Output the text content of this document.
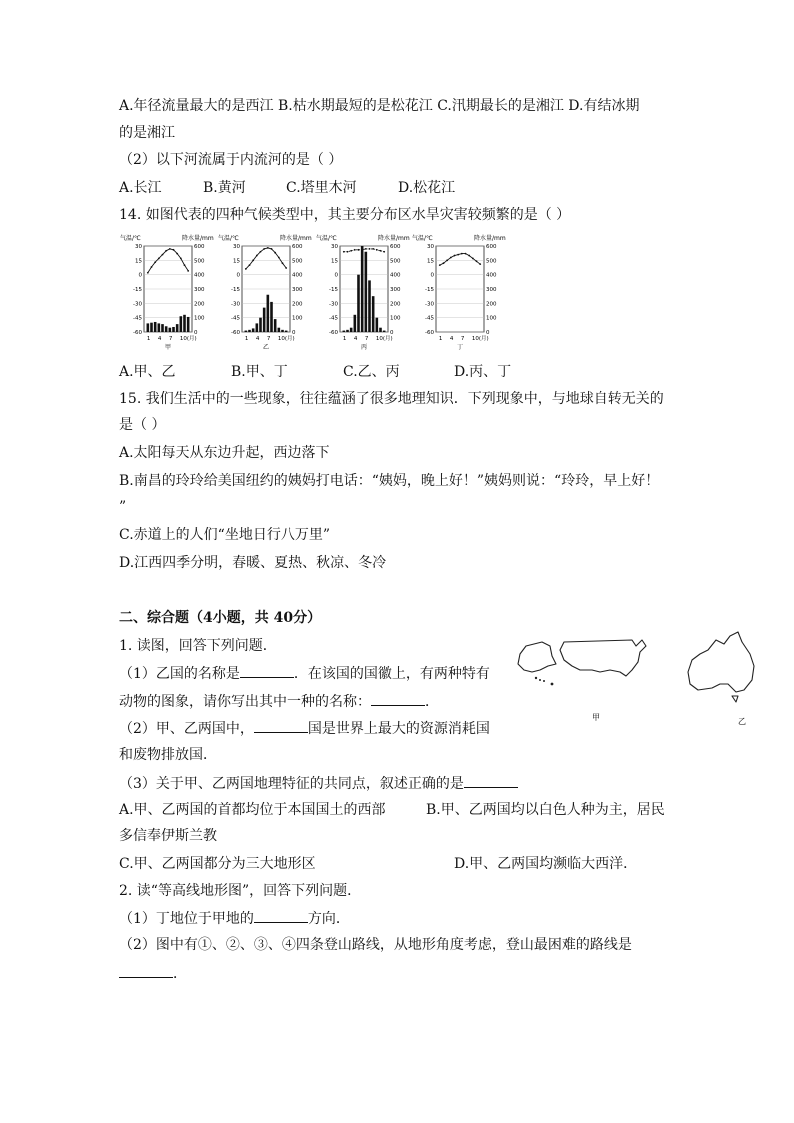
A.年径流量最大的是西江 B.枯水期最短的是松花江 C.汛期最长的是湘江 D.有结冰期
的是湘江
（2）以下河流属于内流河的是（ ）
A.长江	B.黄河	C.塔里木河	D.松花江
14. 如图代表的四种气候类型中，其主要分布区水旱灾害较频繁的是（ ）
气温/℃	降水量/mm
30
15
0
-15
-30
-45
-60
600
500
400
300
200
100
0
1 4 7 10(月)
甲
气温/℃	降水量/mm
30
15
0
-15
-30
-45
-60
600
500
400
300
200
100
0
1 4 7 10(月)
乙
气温/℃	降水量/mm
30
15
0
-15
-30
-45
-60
600
500
400
300
200
100
0
1 4 7 10(月)
丙
气温/℃	降水量/mm
30
15
0
-15
-30
-45
-60
600
500
400
300
200
100
0
1 4 7 10(月)
丁
A.甲、乙	B.甲、丁	C.乙、丙	D.丙、丁
15. 我们生活中的一些现象，往往蕴涵了很多地理知识．下列现象中，与地球自转无关的
是（ ）
A.太阳每天从东边升起，西边落下
B.南昌的玲玲给美国纽约的姨妈打电话：“姨妈，晚上好！”姨妈则说：“玲玲，早上好！
”
C.赤道上的人们“坐地日行八万里”
D.江西四季分明，春暖、夏热、秋凉、冬冷
二、综合题（4小题，共 40分）
1. 读图，回答下列问题．
（1）乙国的名称是	．在该国的国徽上，有两种特有
动物的图象，请你写出其中一种的名称：	．
（2）甲、乙两国中，	国是世界上最大的资源消耗国
和废物排放国．
（3）关于甲、乙两国地理特征的共同点，叙述正确的是
A.甲、乙两国的首都均位于本国国土的西部	B.甲、乙两国均以白色人种为主，居民
多信奉伊斯兰教
C.甲、乙两国都分为三大地形区	D.甲、乙两国均濒临大西洋．
2. 读“等高线地形图”，回答下列问题．
（1）丁地位于甲地的	方向．
（2）图中有①、②、③、④四条登山路线，从地形角度考虑，登山最困难的路线是
．
甲	乙
